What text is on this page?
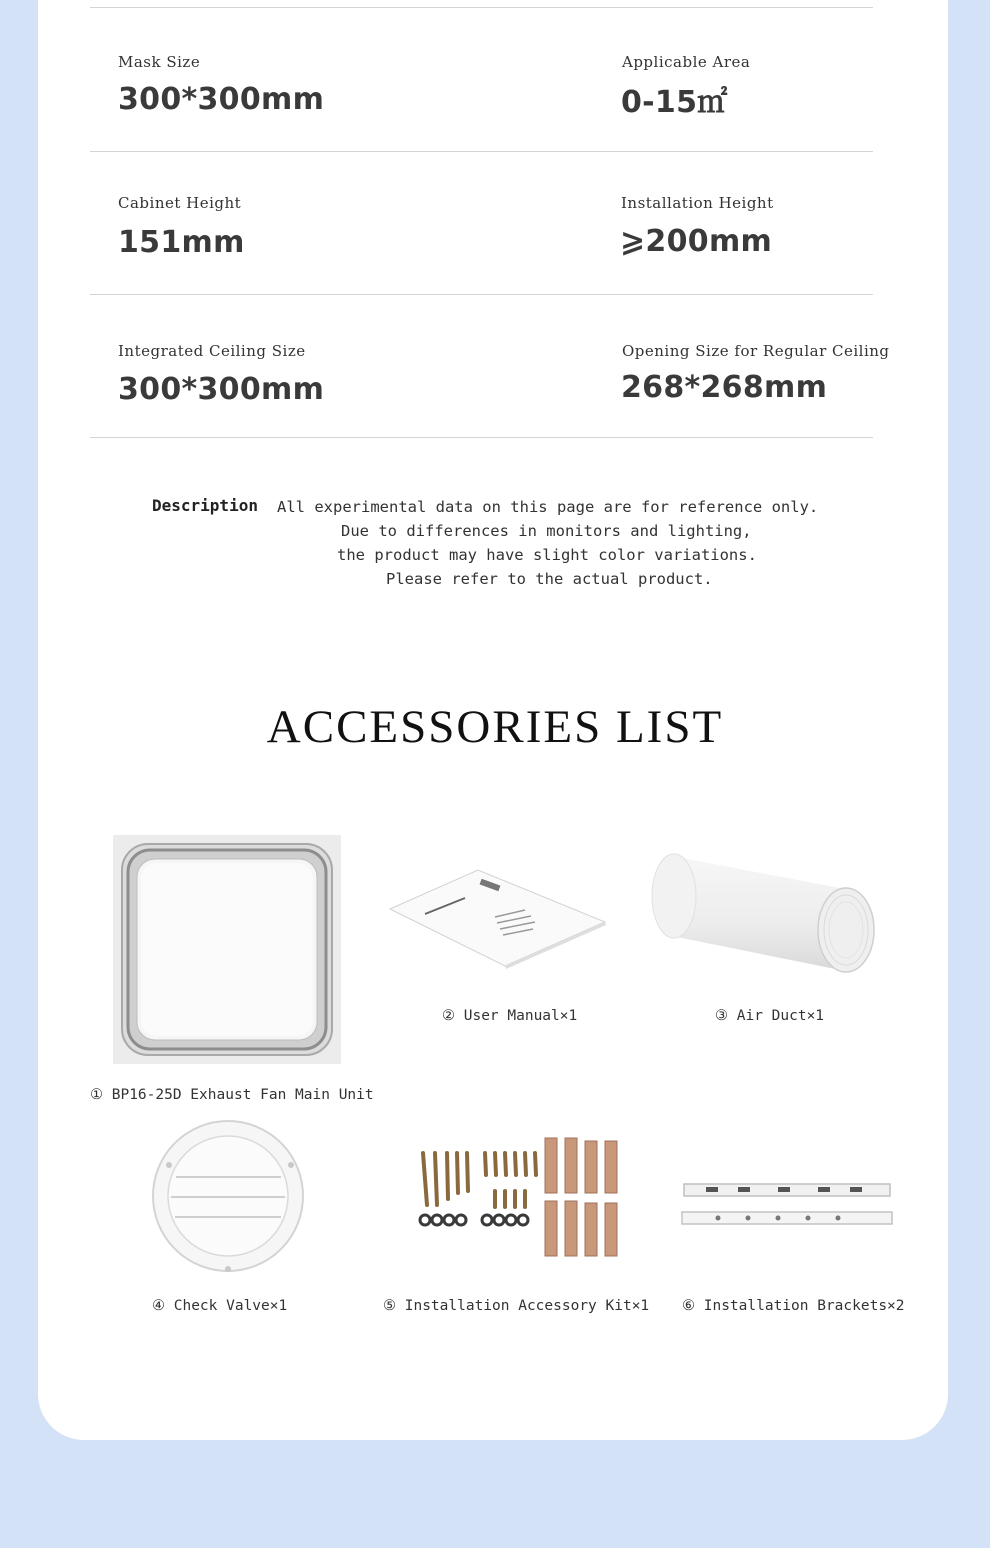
Mask Size
300*300mm
Applicable Area
0-15㎡
Cabinet Height
151mm
Installation Height
⩾200mm
Integrated Ceiling Size
300*300mm
Opening Size for Regular Ceiling
268*268mm
Description All experimental data on this page are for reference only.
Due to differences in monitors and lighting,
the product may have slight color variations.
Please refer to the actual product.
ACCESSORIES LIST
① BP16-25D Exhaust Fan Main Unit
② User Manual×1	③ Air Duct×1
④ Check Valve×1	⑤ Installation Accessory Kit×1 ⑥ Installation Brackets×2
